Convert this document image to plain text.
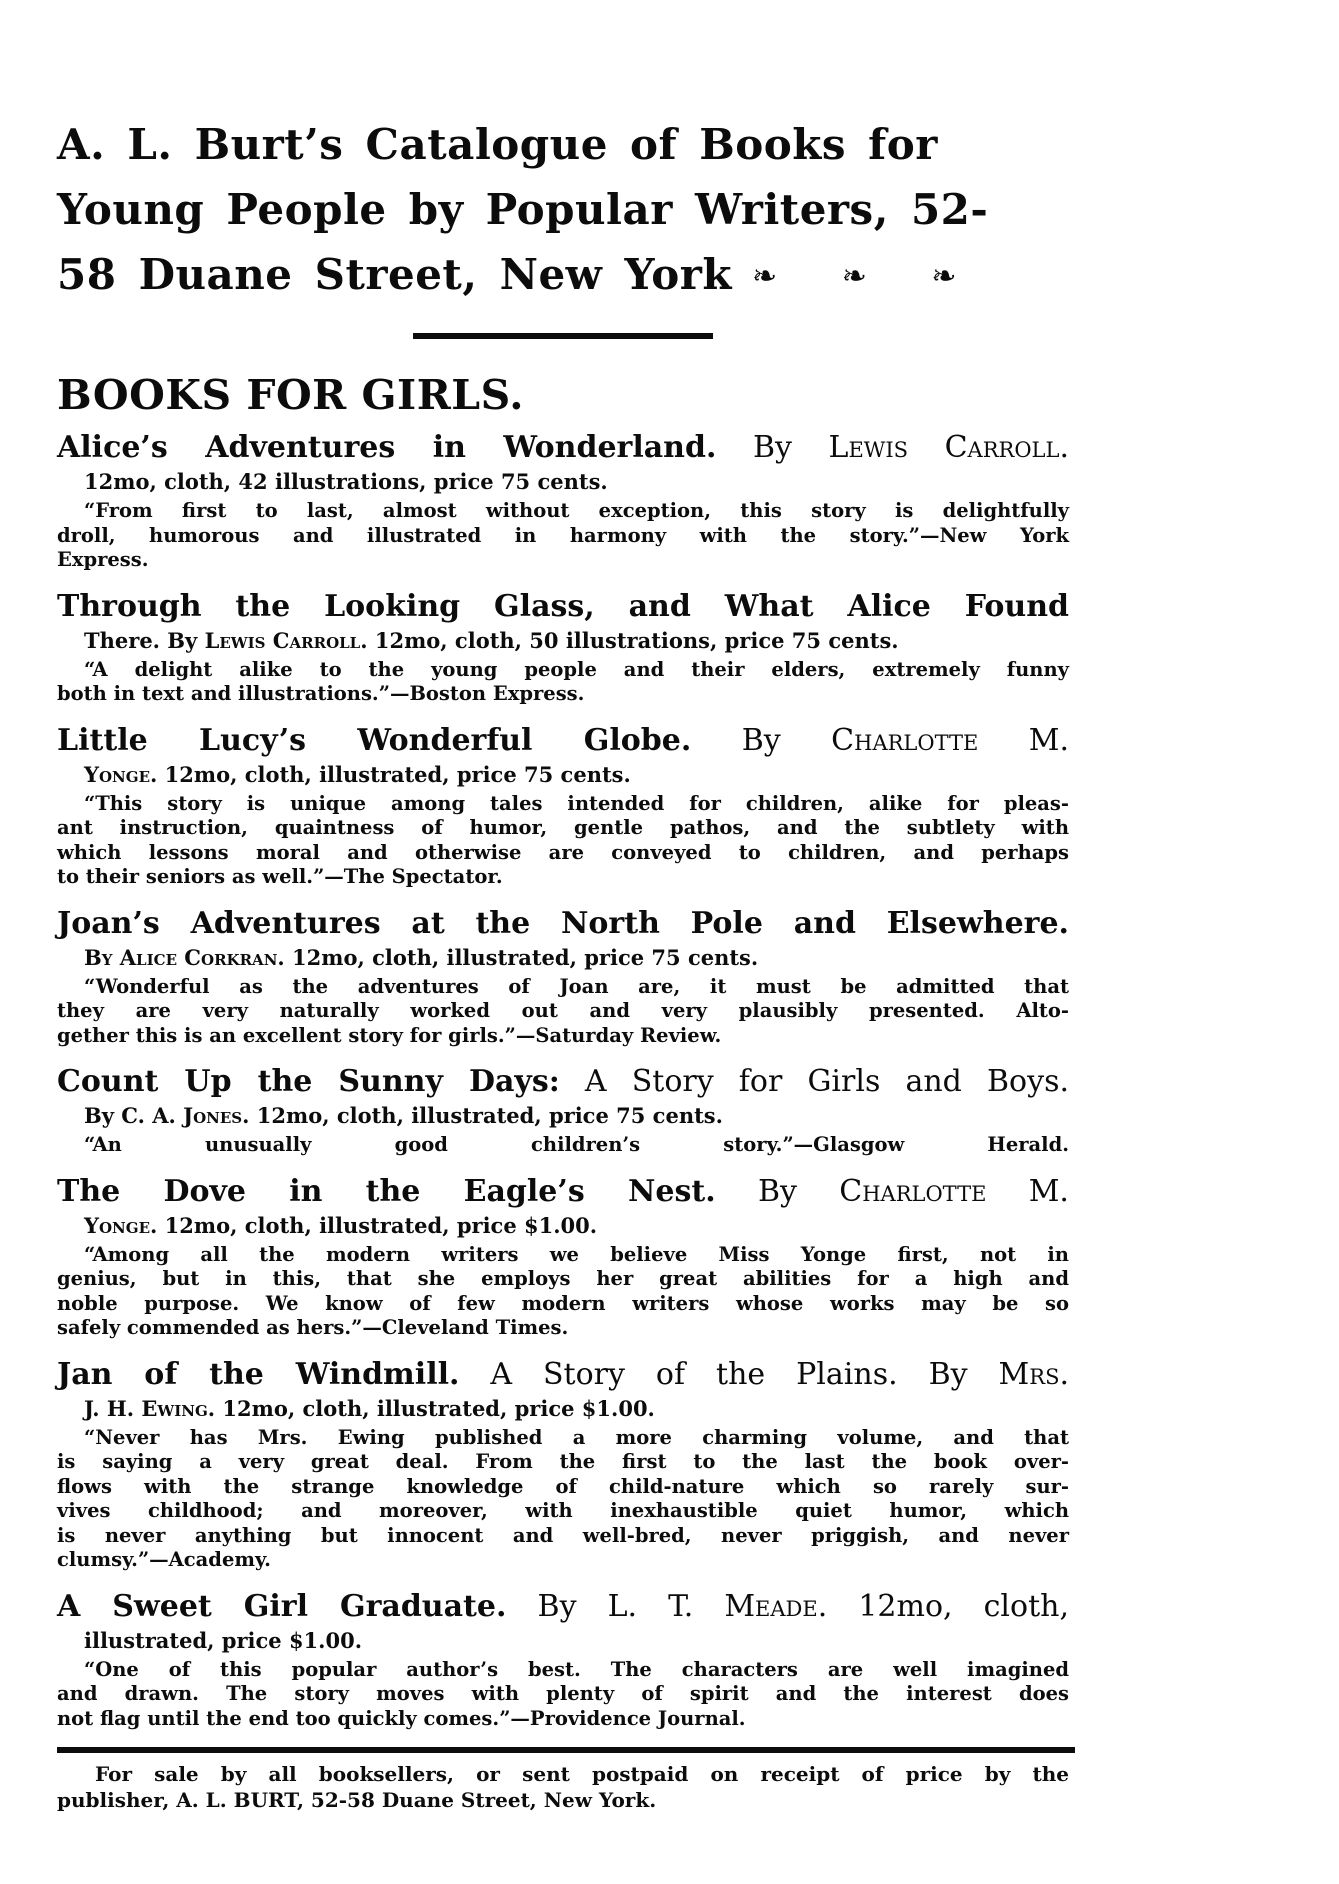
A. L. Burt’s Catalogue of Books for
Young People by Popular Writers, 52-
58 Duane Street, New York ❧ ❧ ❧
BOOKS FOR GIRLS.
Alice’s Adventures in Wonderland. By Lewis Carroll.
12mo, cloth, 42 illustrations, price 75 cents.
“From first to last, almost without exception, this story is delightfully
droll, humorous and illustrated in harmony with the story.”—New York
Express.
Through the Looking Glass, and What Alice Found
There. By Lewis Carroll. 12mo, cloth, 50 illustrations, price 75 cents.
“A delight alike to the young people and their elders, extremely funny
both in text and illustrations.”—Boston Express.
Little Lucy’s Wonderful Globe. By Charlotte M.
Yonge. 12mo, cloth, illustrated, price 75 cents.
“This story is unique among tales intended for children, alike for pleas-
ant instruction, quaintness of humor, gentle pathos, and the subtlety with
which lessons moral and otherwise are conveyed to children, and perhaps
to their seniors as well.”—The Spectator.
Joan’s Adventures at the North Pole and Elsewhere.
By Alice Corkran. 12mo, cloth, illustrated, price 75 cents.
“Wonderful as the adventures of Joan are, it must be admitted that
they are very naturally worked out and very plausibly presented. Alto-
gether this is an excellent story for girls.”—Saturday Review.
Count Up the Sunny Days: A Story for Girls and Boys.
By C. A. Jones. 12mo, cloth, illustrated, price 75 cents.
“An unusually good children’s story.”—Glasgow Herald.
The Dove in the Eagle’s Nest. By Charlotte M.
Yonge. 12mo, cloth, illustrated, price $1.00.
“Among all the modern writers we believe Miss Yonge first, not in
genius, but in this, that she employs her great abilities for a high and
noble purpose. We know of few modern writers whose works may be so
safely commended as hers.”—Cleveland Times.
Jan of the Windmill. A Story of the Plains. By Mrs.
J. H. Ewing. 12mo, cloth, illustrated, price $1.00.
“Never has Mrs. Ewing published a more charming volume, and that
is saying a very great deal. From the first to the last the book over-
flows with the strange knowledge of child-nature which so rarely sur-
vives childhood; and moreover, with inexhaustible quiet humor, which
is never anything but innocent and well-bred, never priggish, and never
clumsy.”—Academy.
A Sweet Girl Graduate. By L. T. Meade. 12mo, cloth,
illustrated, price $1.00.
“One of this popular author’s best. The characters are well imagined
and drawn. The story moves with plenty of spirit and the interest does
not flag until the end too quickly comes.”—Providence Journal.
For sale by all booksellers, or sent postpaid on receipt of price by the
publisher, A. L. BURT, 52-58 Duane Street, New York.
